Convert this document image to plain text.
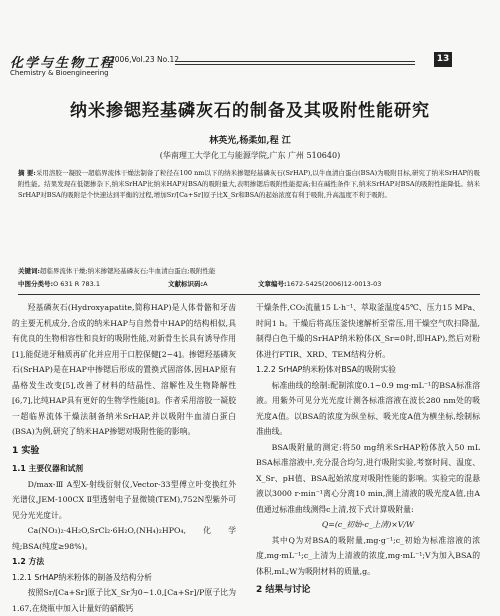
化学与生物工程
Chemistry & Bioengineering
2006,Vol.23 No.12	13
纳米掺锶羟基磷灰石的制备及其吸附性能研究
林英光,杨柔如,程 江
(华南理工大学化工与能源学院,广东 广州 510640)
摘 要:采用溶胶一凝胶一超临界流体干燥法制备了粒径在100 nm以下的纳米掺锶羟基磷灰石(SrHAP),以牛血清白蛋白(BSA)为吸附目标,研究了纳米SrHAP的吸附性能。结果发现在低锶掺杂下,纳米SrHAP比纳米HAP对BSA的吸附量大,表明掺锶后吸附性能提高;但在碱性条件下,纳米SrHAP对BSA的吸附性能降低。纳米SrHAP对BSA的吸附是个快速达到平衡的过程,增加Sr/[Ca+Sr]原子比X_Sr和BSA的起始浓度有利于吸附,升高温度不利于吸附。
关键词:超临界流体干燥;纳米掺锶羟基磷灰石;牛血清白蛋白;吸附性能
中图分类号:O 631 R 783.1	文献标识码:A	文章编号:1672-5425(2006)12-0013-03

羟基磷灰石(Hydroxyapatite,简称HAP)是人体骨骼和牙齿的主要无机成分,合成的纳米HAP与自然骨中HAP的结构相似,具有优良的生物相容性和良好的吸附性能,对新骨生长具有诱导作用[1],能促进牙釉质再矿化并应用于口腔保健[2~4]。掺锶羟基磷灰石(SrHAP)是在HAP中掺锶后形成的置换式固溶体,因HAP原有晶格发生改变[5],改善了材料的结晶性、溶解性及生物降解性[6,7],比纯HAP具有更好的生物学性能[8]。作者采用溶胶一凝胶一超临界流体干燥法制备纳米SrHAP,并以吸附牛血清白蛋白(BSA)为例,研究了纳米HAP掺锶对吸附性能的影响。

1 实验

1.1 主要仪器和试剂

D/max-Ⅲ A型X-射线衍射仪,Vector-33型傅立叶变换红外光谱仪,JEM-100CX Ⅱ型透射电子显微镜(TEM),752N型紫外可见分光光度计。

Ca(NO₃)₂·4H₂O,SrCl₂·6H₂O,(NH₄)₂HPO₄,化学纯;BSA(纯度≥98%)。

1.2 方法

1.2.1 SrHAP纳米粉体的制备及结构分析

按照Sr/[Ca+Sr]原子比X_Sr为0~1.0,[Ca+Sr]/P原子比为1.67,在烧瓶中加入计量好的硝酸钙

干燥条件,CO₂流量15 L·h⁻¹、萃取釜温度45℃、压力15 MPa、时间1 h。干燥后将高压釜快速解析至常压,用干燥空气吹扫降温,制得白色干燥的SrHAP纳米粉体(X_Sr=0时,即HAP),然后对粉体进行FTIR、XRD、TEM结构分析。

1.2.2 SrHAP纳米粉体对BSA的吸附实验

标准曲线的绘制:配制浓度0.1~0.9 mg·mL⁻¹的BSA标准溶液。用紫外可见分光光度计测各标准溶液在波长280 nm处的吸光度A值。以BSA的浓度为纵坐标、吸光度A值为横坐标,绘制标准曲线。

BSA吸附量的测定:将50 mg纳米SrHAP粉体放入50 mL BSA标准溶液中,充分混合均匀,进行吸附实验,考察时间、温度、X_Sr、pH值、BSA起始浓度对吸附性能的影响。实验完的混悬液以3000 r·min⁻¹离心分离10 min,测上清液的吸光度A值,由A值通过标准曲线测得c上清,按下式计算吸附量:

Q=(c_初始-c_上清)×V/W

其中Q为对BSA的吸附量,mg·g⁻¹;c_初始为标准溶液的浓度,mg·mL⁻¹;c_上清为上清液的浓度,mg·mL⁻¹;V为加入BSA的体积,mL;W为吸附材料的质量,g。

2 结果与讨论
